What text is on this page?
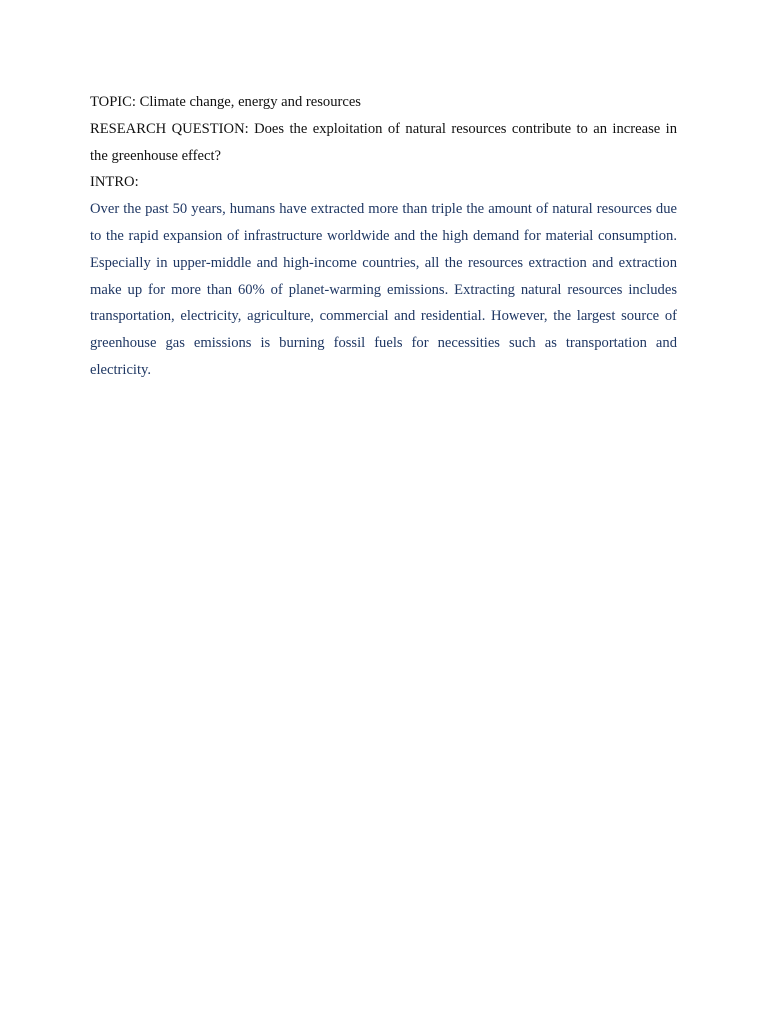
TOPIC: Climate change, energy and resources

RESEARCH QUESTION: Does the exploitation of natural resources contribute to an increase in the greenhouse effect?

INTRO:

Over the past 50 years, humans have extracted more than triple the amount of natural resources due to the rapid expansion of infrastructure worldwide and the high demand for material consumption. Especially in upper-middle and high-income countries, all the resources extraction and extraction make up for more than 60% of planet-warming emissions. Extracting natural resources includes transportation, electricity, agriculture, commercial and residential. However, the largest source of greenhouse gas emissions is burning fossil fuels for necessities such as transportation and electricity.
